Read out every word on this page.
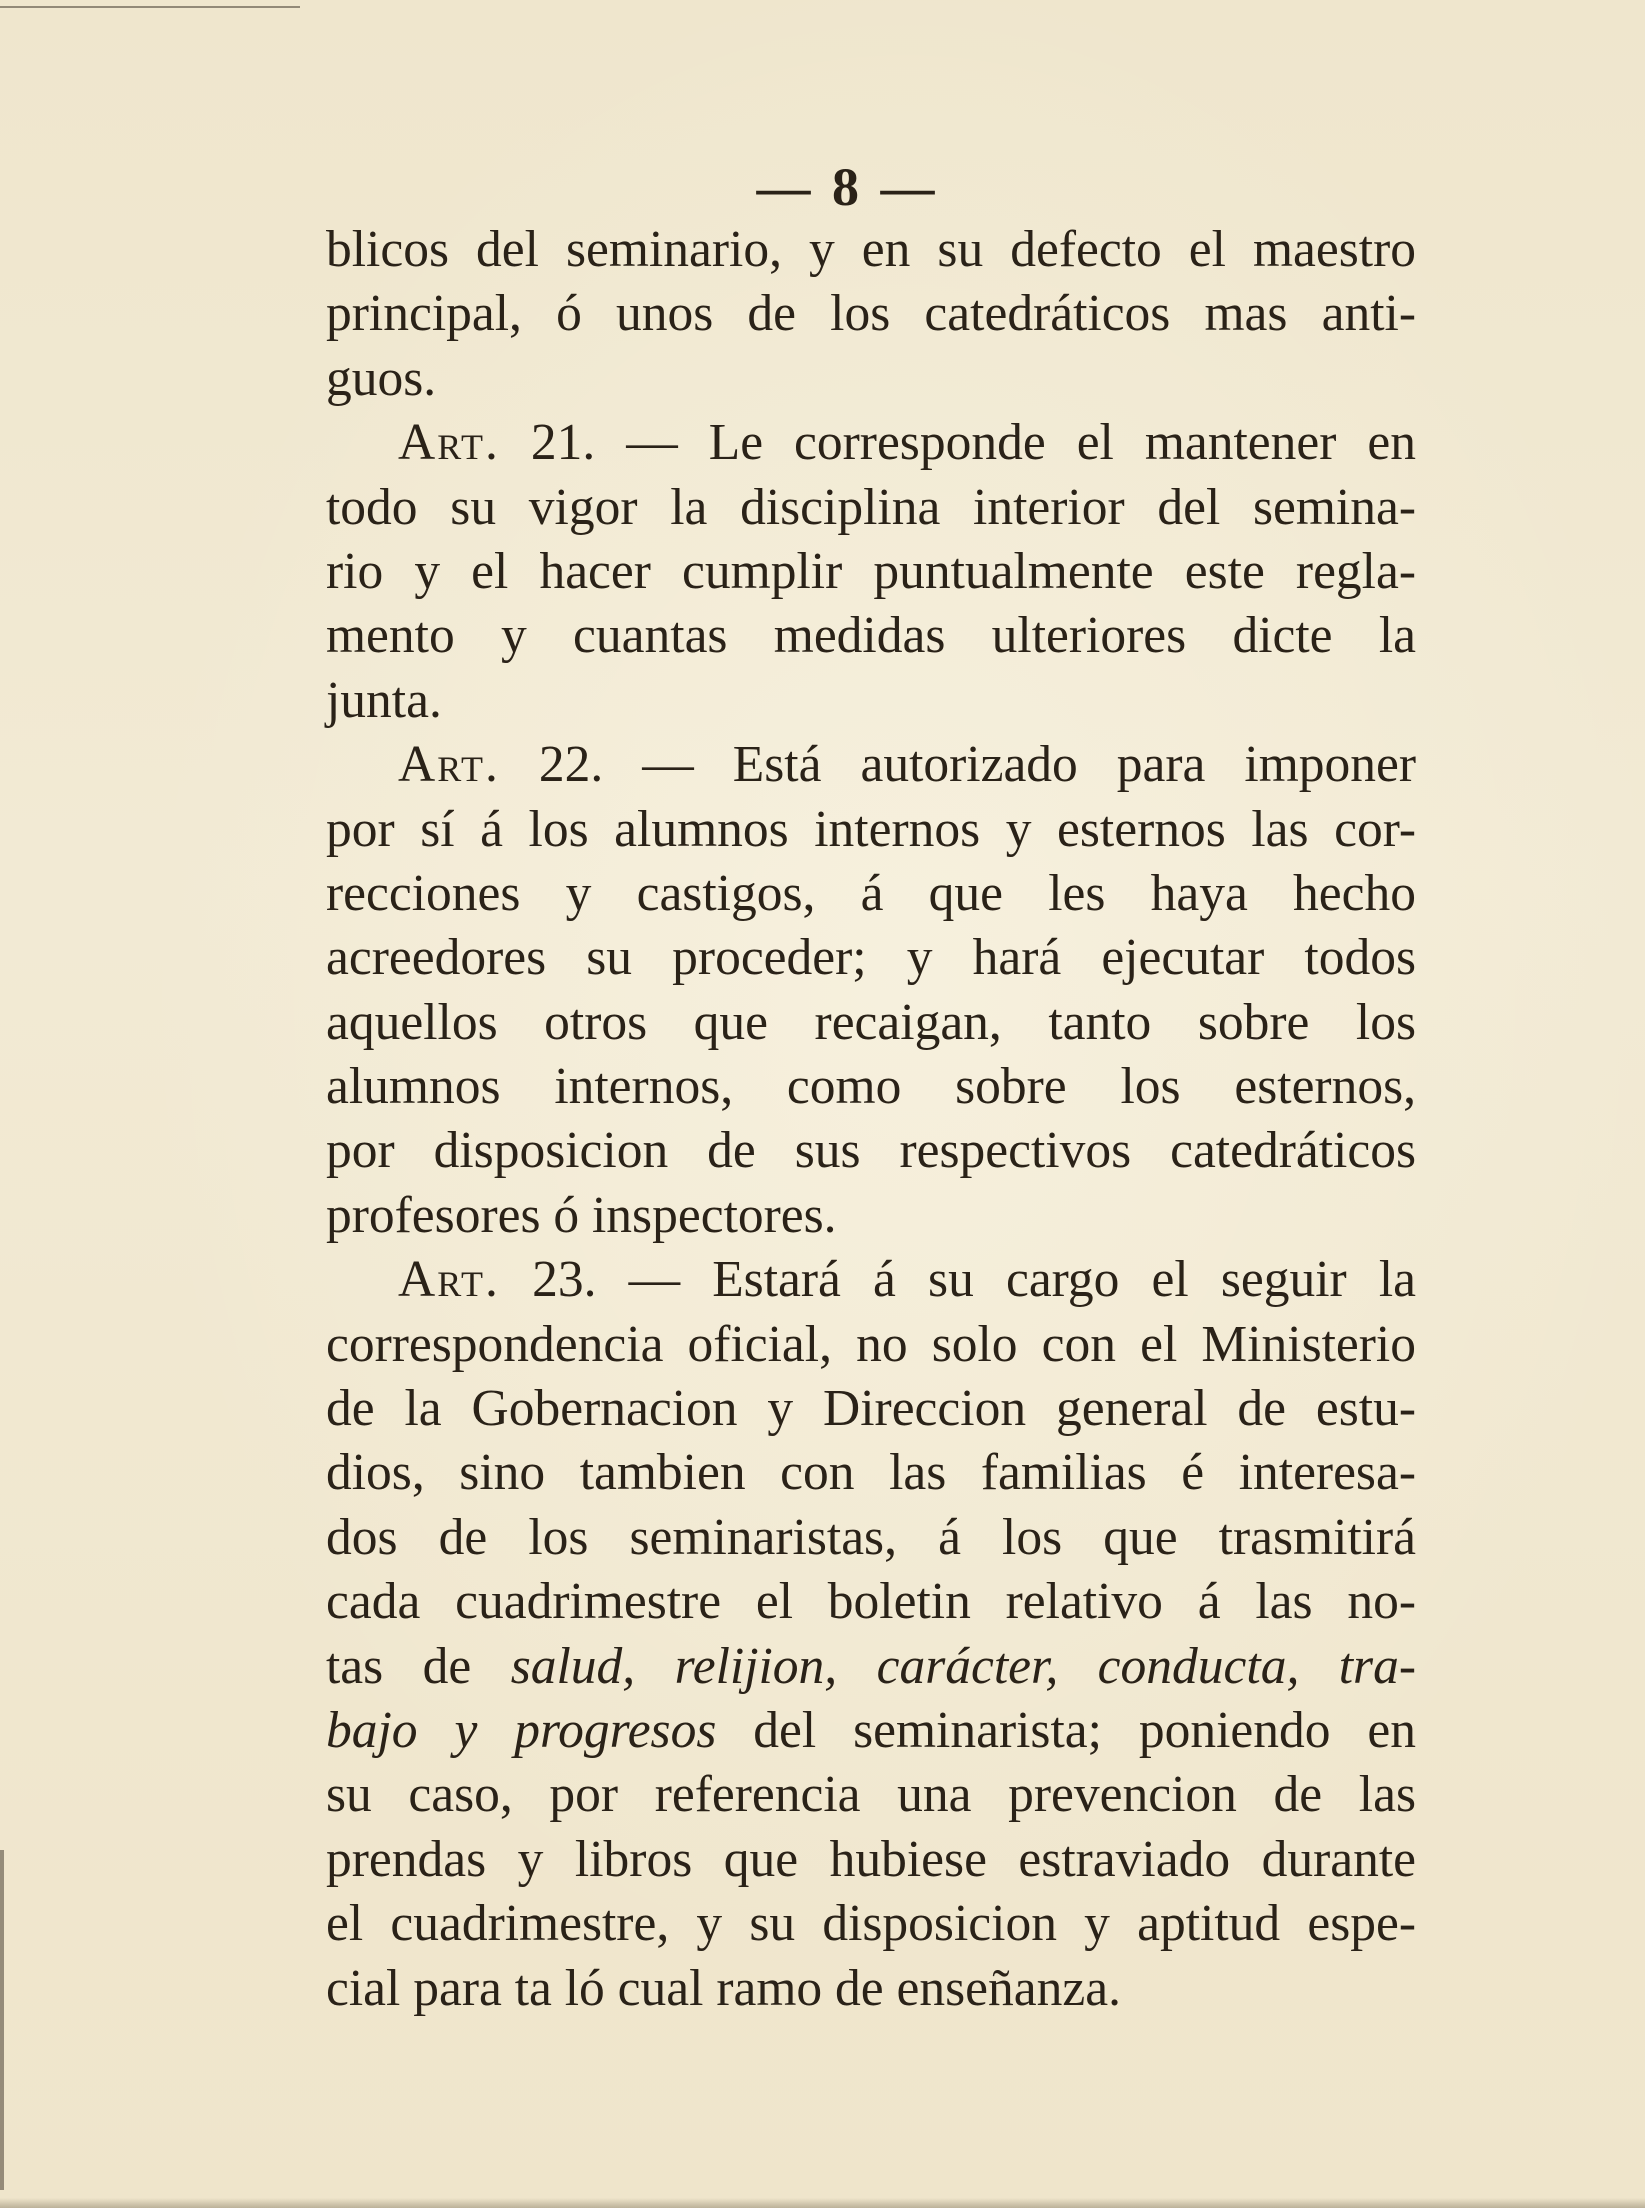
— 8 —
blicos del seminario, y en su defecto el maestro
principal, ó unos de los catedráticos mas anti-
guos.
Art. 21. — Le corresponde el mantener en
todo su vigor la disciplina interior del semina-
rio y el hacer cumplir puntualmente este regla-
mento y cuantas medidas ulteriores dicte la
junta.
Art. 22. — Está autorizado para imponer
por sí á los alumnos internos y esternos las cor-
recciones y castigos, á que les haya hecho
acreedores su proceder; y hará ejecutar todos
aquellos otros que recaigan, tanto sobre los
alumnos internos, como sobre los esternos,
por disposicion de sus respectivos catedráticos
profesores ó inspectores.
Art. 23. — Estará á su cargo el seguir la
correspondencia oficial, no solo con el Ministerio
de la Gobernacion y Direccion general de estu-
dios, sino tambien con las familias é interesa-
dos de los seminaristas, á los que trasmitirá
cada cuadrimestre el boletin relativo á las no-
tas de salud, relijion, carácter, conducta, tra-
bajo y progresos del seminarista; poniendo en
su caso, por referencia una prevencion de las
prendas y libros que hubiese estraviado durante
el cuadrimestre, y su disposicion y aptitud espe-
cial para ta ló cual ramo de enseñanza.
